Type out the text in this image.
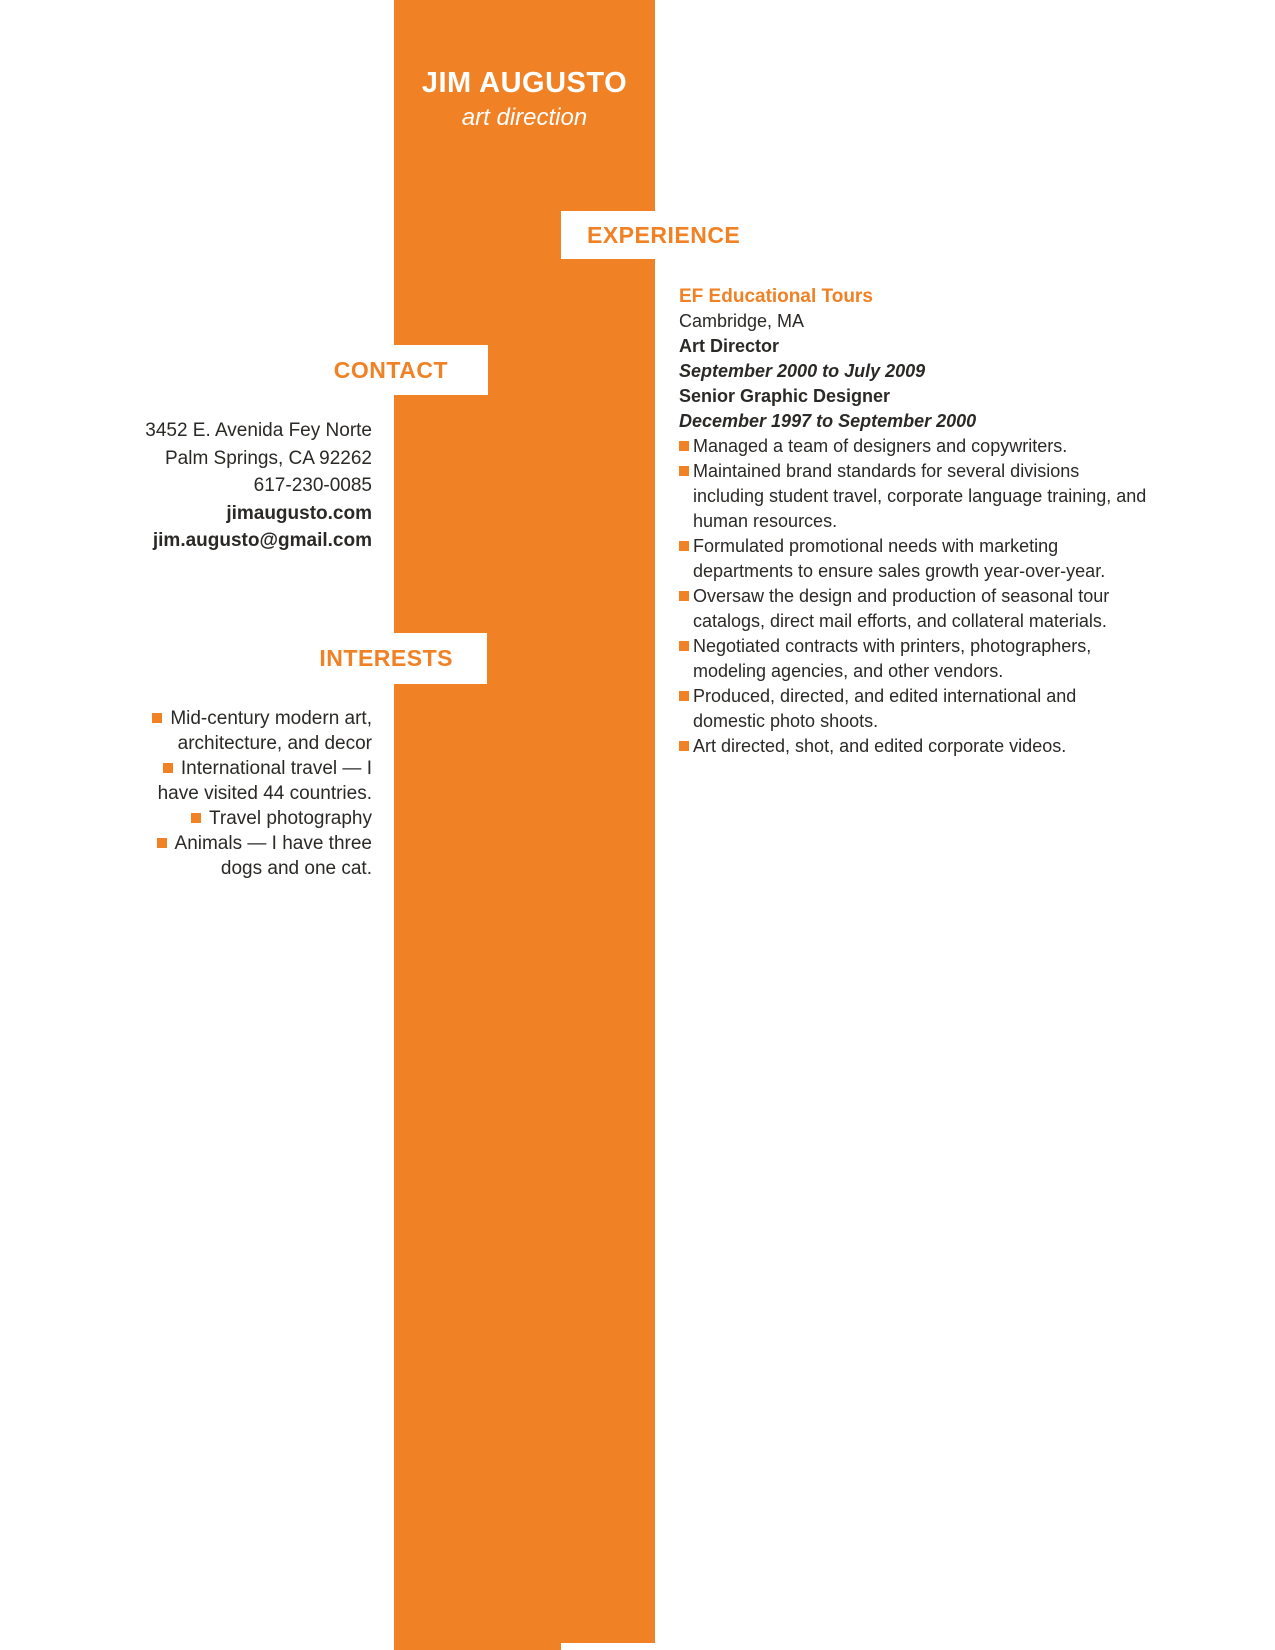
JIM AUGUSTO
art direction
EXPERIENCE
EF Educational Tours
Cambridge, MA
Art Director
September 2000 to July 2009
Senior Graphic Designer
December 1997 to September 2000
Managed a team of designers and copywriters.
Maintained brand standards for several divisions including student travel, corporate language training, and human resources.
Formulated promotional needs with marketing departments to ensure sales growth year-over-year.
Oversaw the design and production of seasonal tour catalogs, direct mail efforts, and collateral materials.
Negotiated contracts with printers, photographers, modeling agencies, and other vendors.
Produced, directed, and edited international and domestic photo shoots.
Art directed, shot, and edited corporate videos.
CONTACT
3452 E. Avenida Fey Norte
Palm Springs, CA 92262
617-230-0085
jimaugusto.com
jim.augusto@gmail.com
INTERESTS
Mid-century modern art, architecture, and decor
International travel — I have visited 44 countries.
Travel photography
Animals — I have three dogs and one cat.
